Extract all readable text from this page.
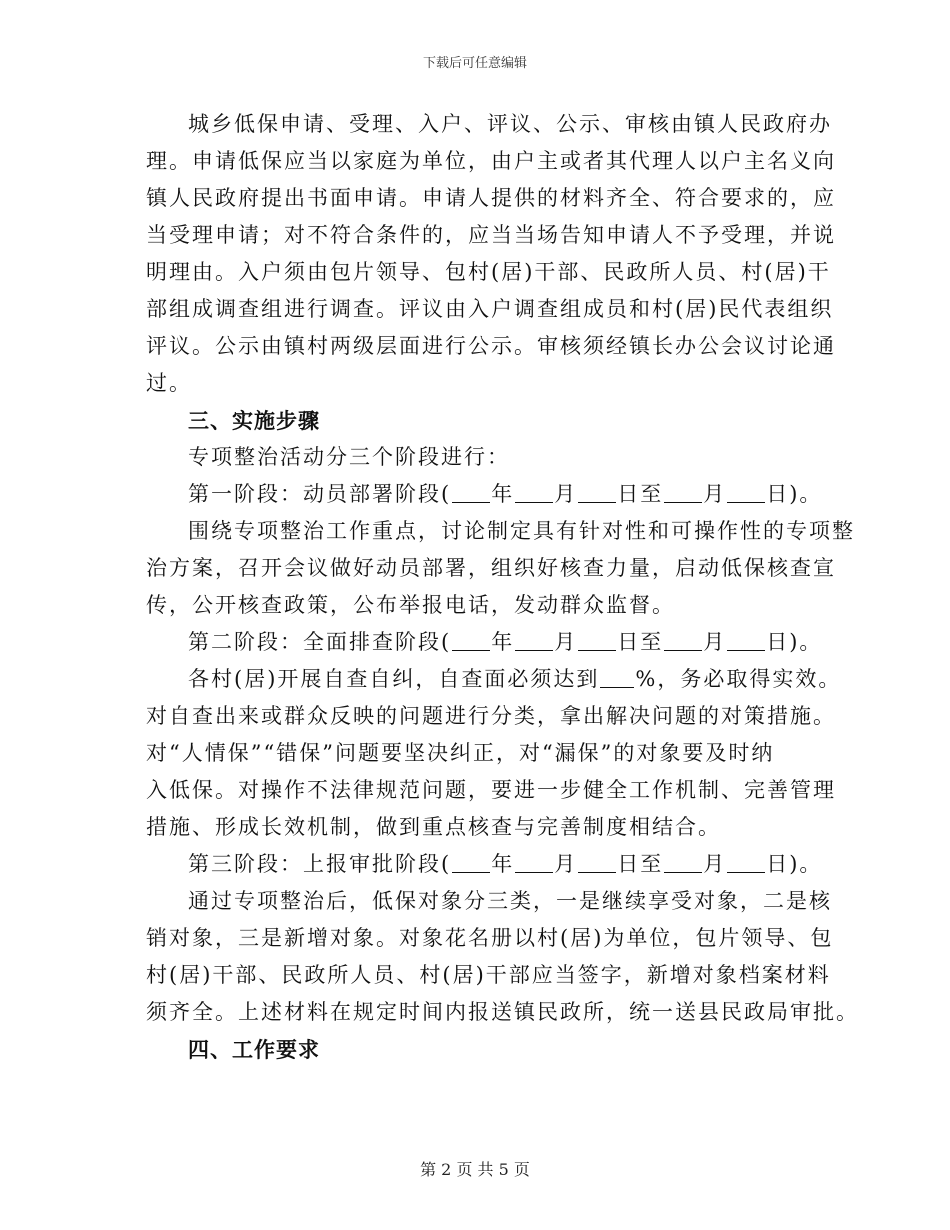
下载后可任意编辑
城乡低保申请、受理、入户、评议、公示、审核由镇人民政府办
理。申请低保应当以家庭为单位，由户主或者其代理人以户主名义向
镇人民政府提出书面申请。申请人提供的材料齐全、符合要求的，应
当受理申请；对不符合条件的，应当当场告知申请人不予受理，并说
明理由。入户须由包片领导、包村(居)干部、民政所人员、村(居)干
部组成调查组进行调查。评议由入户调查组成员和村(居)民代表组织
评议。公示由镇村两级层面进行公示。审核须经镇长办公会议讨论通
过。
三、实施步骤
专项整治活动分三个阶段进行：
第一阶段：动员部署阶段( 年 月 日至 月 日)。
围绕专项整治工作重点，讨论制定具有针对性和可操作性的专项整
治方案，召开会议做好动员部署，组织好核查力量，启动低保核查宣
传，公开核查政策，公布举报电话，发动群众监督。
第二阶段：全面排查阶段( 年 月 日至 月 日)。
各村(居)开展自查自纠，自查面必须达到 %，务必取得实效。
对自查出来或群众反映的问题进行分类，拿出解决问题的对策措施。
对“人情保”“错保”问题要坚决纠正，对“漏保”的对象要及时纳
入低保。对操作不法律规范问题，要进一步健全工作机制、完善管理
措施、形成长效机制，做到重点核查与完善制度相结合。
第三阶段：上报审批阶段( 年 月 日至 月 日)。
通过专项整治后，低保对象分三类，一是继续享受对象，二是核
销对象，三是新增对象。对象花名册以村(居)为单位，包片领导、包
村(居)干部、民政所人员、村(居)干部应当签字，新增对象档案材料
须齐全。上述材料在规定时间内报送镇民政所，统一送县民政局审批。
四、工作要求
第 2 页 共 5 页
